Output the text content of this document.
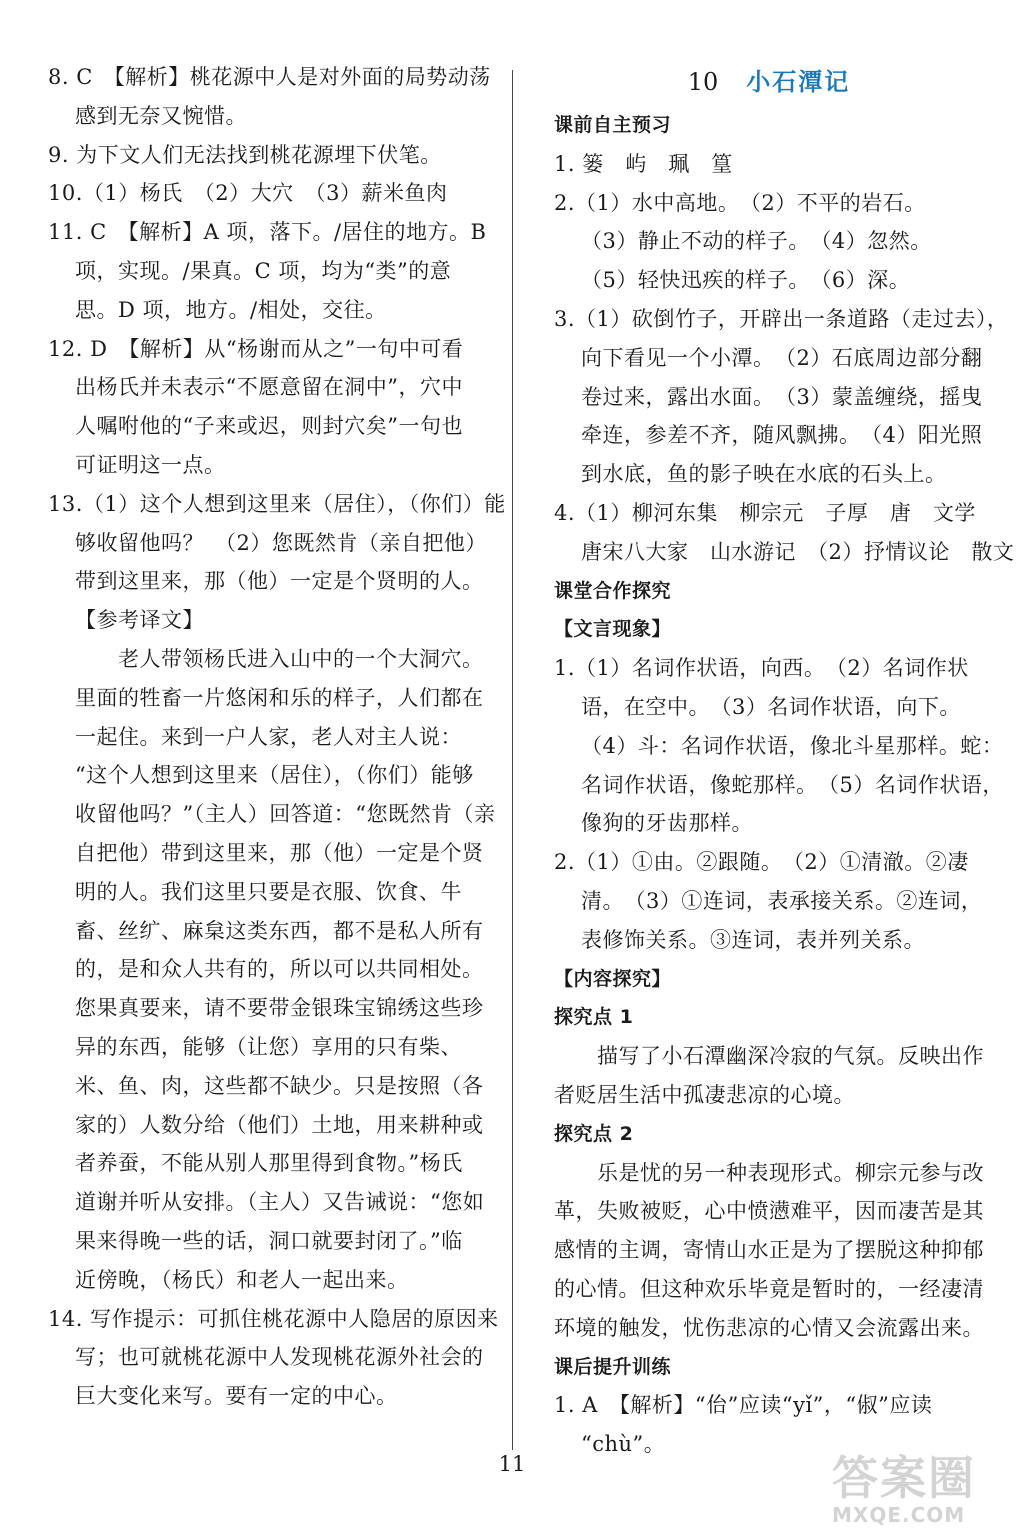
8. C　【解析】桃花源中人是对外面的局势动荡
感到无奈又惋惜。
9. 为下文人们无法找到桃花源埋下伏笔。
10.（1）杨氏　（2）大穴　（3）薪米鱼肉
11. C　【解析】A 项，落下。/居住的地方。B
项，实现。/果真。C 项，均为“类”的意
思。D 项，地方。/相处，交往。
12. D　【解析】从“杨谢而从之”一句中可看
出杨氏并未表示“不愿意留在洞中”，穴中
人嘱咐他的“子来或迟，则封穴矣”一句也
可证明这一点。
13.（1）这个人想到这里来（居住），（你们）能
够收留他吗？　（2）您既然肯（亲自把他）
带到这里来，那（他）一定是个贤明的人。
【参考译文】
　　老人带领杨氏进入山中的一个大洞穴。
里面的牲畜一片悠闲和乐的样子，人们都在
一起住。来到一户人家，老人对主人说：
“这个人想到这里来（居住），（你们）能够
收留他吗？”（主人）回答道：“您既然肯（亲
自把他）带到这里来，那（他）一定是个贤
明的人。我们这里只要是衣服、饮食、牛
畜、丝纩、麻枲这类东西，都不是私人所有
的，是和众人共有的，所以可以共同相处。
您果真要来，请不要带金银珠宝锦绣这些珍
异的东西，能够（让您）享用的只有柴、
米、鱼、肉，这些都不缺少。只是按照（各
家的）人数分给（他们）土地，用来耕种或
者养蚕，不能从别人那里得到食物。”杨氏
道谢并听从安排。（主人）又告诫说：“您如
果来得晚一些的话，洞口就要封闭了。”临
近傍晚，（杨氏）和老人一起出来。
14. 写作提示：可抓住桃花源中人隐居的原因来
写；也可就桃花源中人发现桃花源外社会的
巨大变化来写。要有一定的中心。
10 小石潭记
课前自主预习
1. 篓　屿　珮　篁
2.（1）水中高地。　（2）不平的岩石。
（3）静止不动的样子。　（4）忽然。
（5）轻快迅疾的样子。　（6）深。
3.（1）砍倒竹子，开辟出一条道路（走过去），
向下看见一个小潭。　（2）石底周边部分翻
卷过来，露出水面。　（3）蒙盖缠绕，摇曳
牵连，参差不齐，随风飘拂。　（4）阳光照
到水底，鱼的影子映在水底的石头上。
4.（1）柳河东集　柳宗元　子厚　唐　文学
唐宋八大家　山水游记　（2）抒情议论　散文
课堂合作探究
【文言现象】
1.（1）名词作状语，向西。　（2）名词作状
语，在空中。　（3）名词作状语，向下。
（4）斗：名词作状语，像北斗星那样。蛇：
名词作状语，像蛇那样。　（5）名词作状语，
像狗的牙齿那样。
2.（1）①由。②跟随。　（2）①清澈。②凄
清。　（3）①连词，表承接关系。②连词，
表修饰关系。③连词，表并列关系。
【内容探究】
探究点 1
　　描写了小石潭幽深冷寂的气氛。反映出作
者贬居生活中孤凄悲凉的心境。
探究点 2
　　乐是忧的另一种表现形式。柳宗元参与改
革，失败被贬，心中愤懑难平，因而凄苦是其
感情的主调，寄情山水正是为了摆脱这种抑郁
的心情。但这种欢乐毕竟是暂时的，一经凄清
环境的触发，忧伤悲凉的心情又会流露出来。
课后提升训练
1. A　【解析】“佁”应读“yǐ”，“俶”应读
“chù”。
11	答案圈
MXQE.COM
